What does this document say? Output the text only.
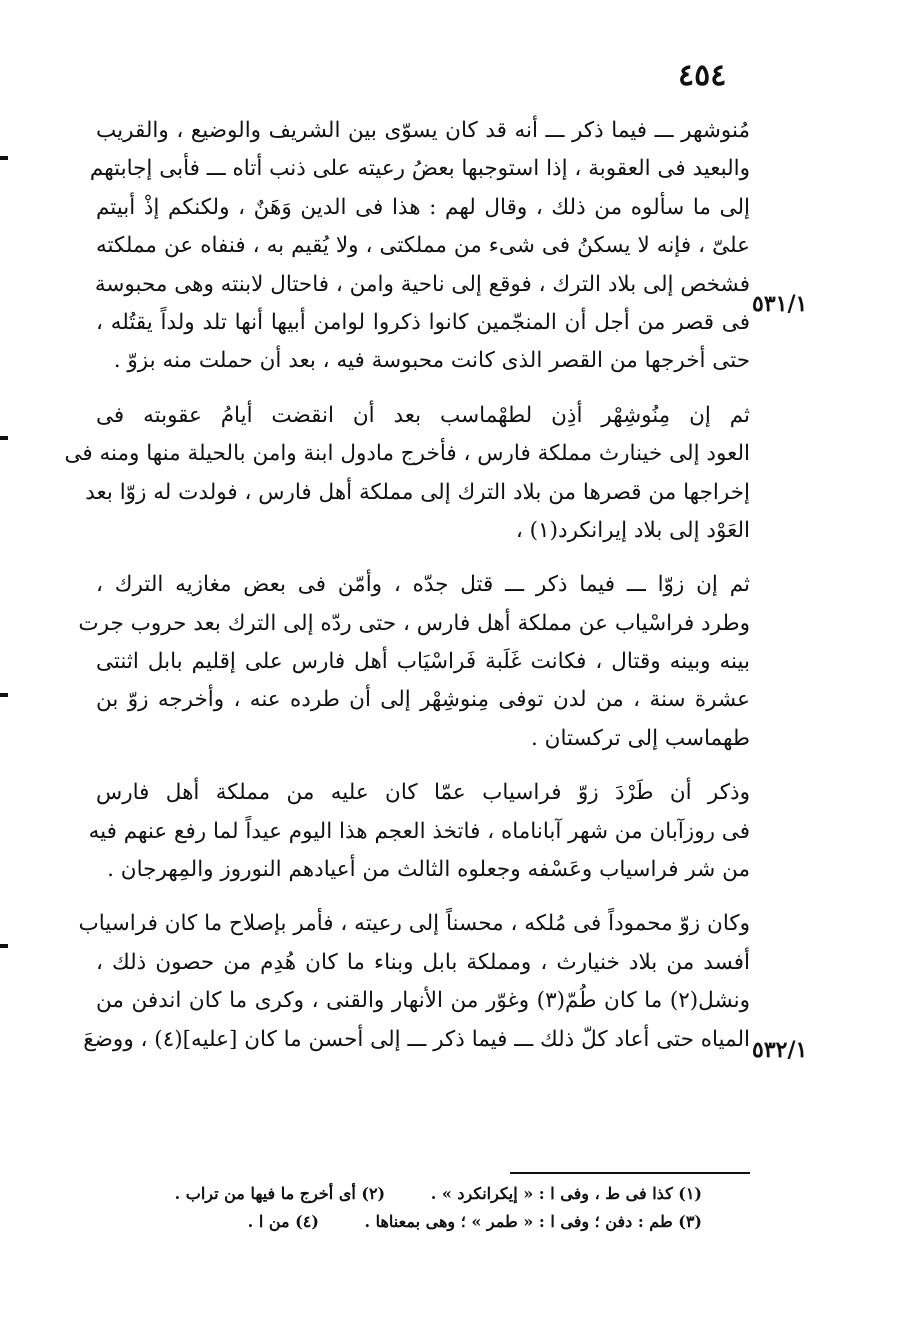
٤٥٤
٥٣١/١
٥٣٢/١
مُنوشهر ـــ فيما ذكر ـــ أنه قد كان يسوّى بين الشريف والوضيع ، والقريب
والبعيد فى العقوبة ، إذا استوجبها بعضُ رعيته على ذنب أتاه ـــ فأبى إجابتهم
إلى ما سألوه من ذلك ، وقال لهم : هذا فى الدين وَهَنٌ ، ولكنكم إذْ أبيتم
علىّ ، فإنه لا يسكنُ فى شىء من مملكتى ، ولا يُقيم به ، فنفاه عن مملكته
فشخص إلى بلاد الترك ، فوقع إلى ناحية وامن ، فاحتال لابنته وهى محبوسة
فى قصر من أجل أن المنجّمين كانوا ذكروا لوامن أبيها أنها تلد ولداً يقتُله ،
حتى أخرجها من القصر الذى كانت محبوسة فيه ، بعد أن حملت منه بزوّ .
ثم إن مِنُوشِهْر أذِن لطهْماسب بعد أن انقضت أيامُ عقوبته فى
العود إلى خينارث مملكة فارس ، فأخرج مادول ابنة وامن بالحيلة منها ومنه فى
إخراجها من قصرها من بلاد الترك إلى مملكة أهل فارس ، فولدت له زوّا بعد
العَوْد إلى بلاد إيرانكرد(١) ،
ثم إن زوّا ـــ فيما ذكر ـــ قتل جدّه ، وأمّن فى بعض مغازيه الترك ،
وطرد فراسْياب عن مملكة أهل فارس ، حتى ردّه إلى الترك بعد حروب جرت
بينه وبينه وقتال ، فكانت غَلَبة فَراسْيَاب أهل فارس على إقليم بابل اثنتى
عشرة سنة ، من لدن توفى مِنوشِهْر إلى أن طرده عنه ، وأخرجه زوّ بن
طهماسب إلى تركستان .
وذكر أن طَرْدَ زوّ فراسياب عمّا كان عليه من مملكة أهل فارس
فى روزآبان من شهر آباناماه ، فاتخذ العجم هذا اليوم عيداً لما رفع عنهم فيه
من شر فراسياب وعَسْفه وجعلوه الثالث من أعيادهم النوروز والمِهرجان .
وكان زوّ محموداً فى مُلكه ، محسناً إلى رعيته ، فأمر بإصلاح ما كان فراسياب
أفسد من بلاد خنيارث ، ومملكة بابل وبناء ما كان هُدِم من حصون ذلك ،
ونشل(٢) ما كان طُمّ(٣) وغوّر من الأنهار والقنى ، وكرى ما كان اندفن من
المياه حتى أعاد كلّ ذلك ـــ فيما ذكر ـــ إلى أحسن ما كان [عليه](٤) ، ووضعَ
(١) كذا فى ط ، وفى ا : « إيكرانكرد » . (٢) أى أخرج ما فيها من تراب .
(٣) طم : دفن ؛ وفى ا : « طمر » ؛ وهى بمعناها . (٤) من ا .
